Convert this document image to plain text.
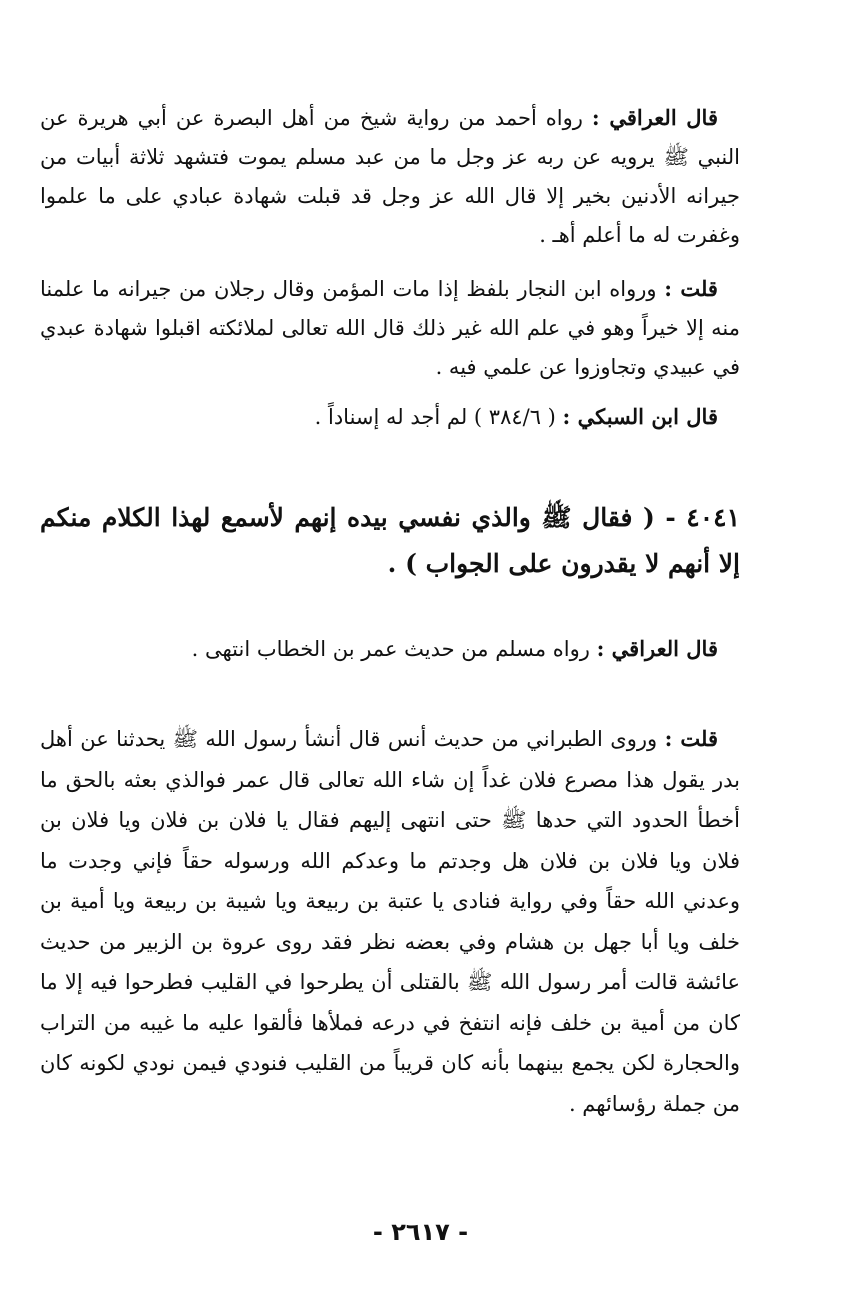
قال العراقي : رواه أحمد من رواية شيخ من أهل البصرة عن أبي هريرة عن النبي ﷺ يرويه عن ربه عز وجل ما من عبد مسلم يموت فتشهد ثلاثة أبيات من جيرانه الأدنين بخير إلا قال الله عز وجل قد قبلت شهادة عبادي على ما علموا وغفرت له ما أعلم أهـ .

قلت : ورواه ابن النجار بلفظ إذا مات المؤمن وقال رجلان من جيرانه ما علمنا منه إلا خيراً وهو في علم الله غير ذلك قال الله تعالى لملائكته اقبلوا شهادة عبدي في عبيدي وتجاوزوا عن علمي فيه .

قال ابن السبكي : ( ٣٨٤/٦ ) لم أجد له إسناداً .

٤٠٤١ - ( فقال ﷺ والذي نفسي بيده إنهم لأسمع لهذا الكلام منكم إلا أنهم لا يقدرون على الجواب ) .

قال العراقي : رواه مسلم من حديث عمر بن الخطاب انتهى .

قلت : وروى الطبراني من حديث أنس قال أنشأ رسول الله ﷺ يحدثنا عن أهل بدر يقول هذا مصرع فلان غداً إن شاء الله تعالى قال عمر فوالذي بعثه بالحق ما أخطأ الحدود التي حدها ﷺ حتى انتهى إليهم فقال يا فلان بن فلان ويا فلان بن فلان ويا فلان بن فلان هل وجدتم ما وعدكم الله ورسوله حقاً فإني وجدت ما وعدني الله حقاً وفي رواية فنادى يا عتبة بن ربيعة ويا شيبة بن ربيعة ويا أمية بن خلف ويا أبا جهل بن هشام وفي بعضه نظر فقد روى عروة بن الزبير من حديث عائشة قالت أمر رسول الله ﷺ بالقتلى أن يطرحوا في القليب فطرحوا فيه إلا ما كان من أمية بن خلف فإنه انتفخ في درعه فملأها فألقوا عليه ما غيبه من التراب والحجارة لكن يجمع بينهما بأنه كان قريباً من القليب فنودي فيمن نودي لكونه كان من جملة رؤسائهم .

- ٢٦١٧ -
